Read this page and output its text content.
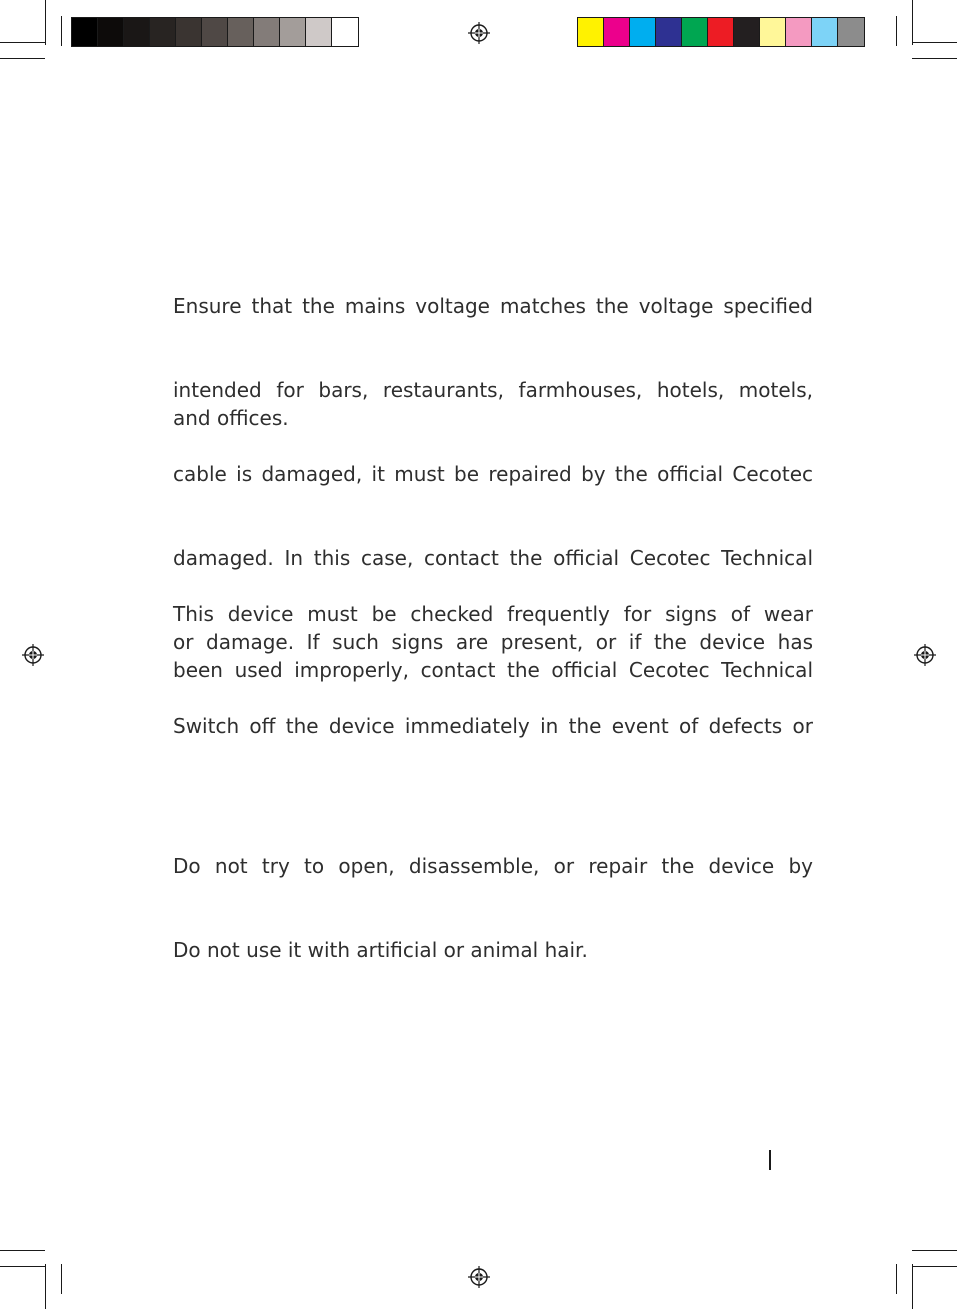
Ensure that the mains voltage matches the voltage specified
intended for bars, restaurants, farmhouses, hotels, motels,
and offices.
cable is damaged, it must be repaired by the official Cecotec
damaged. In this case, contact the official Cecotec Technical
This device must be checked frequently for signs of wear
or damage. If such signs are present, or if the device has
been used improperly, contact the official Cecotec Technical
Switch off the device immediately in the event of defects or
Do not try to open, disassemble, or repair the device by
Do not use it with artificial or animal hair.
